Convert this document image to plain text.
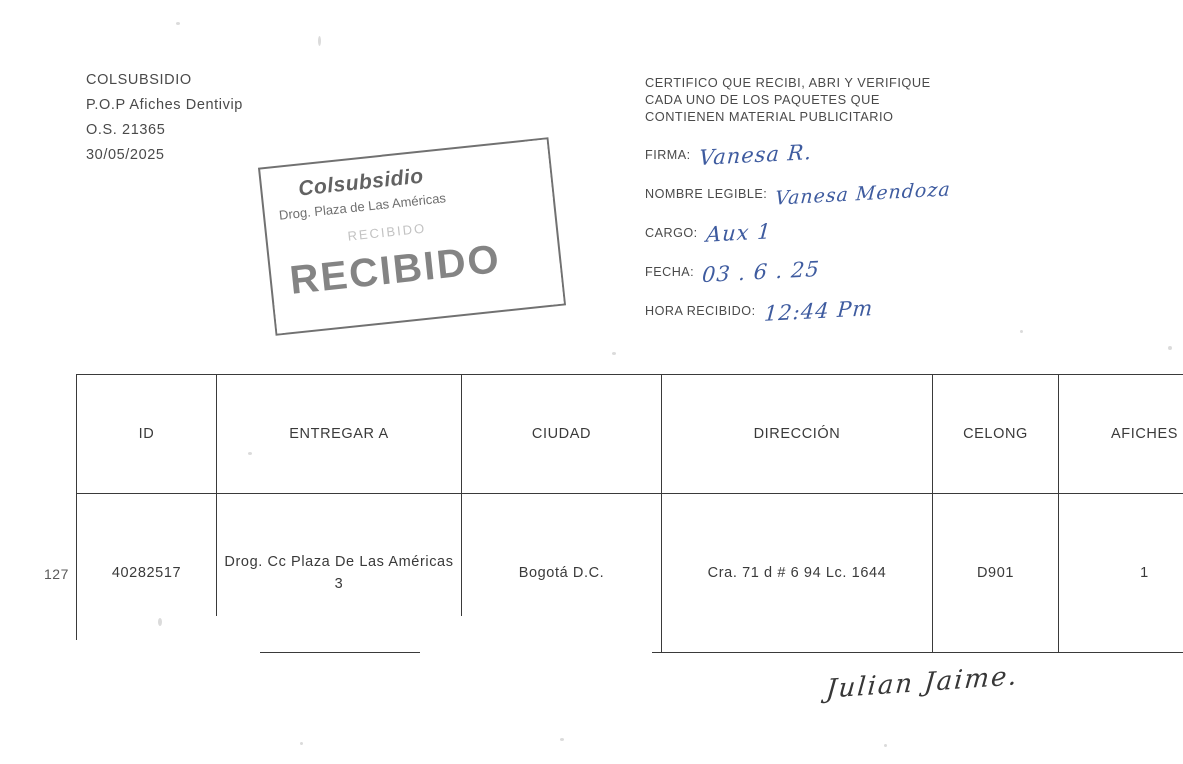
COLSUBSIDIO
P.O.P Afiches Dentivip
O.S. 21365
30/05/2025
CERTIFICO QUE RECIBI, ABRI Y VERIFIQUE
CADA UNO DE LOS PAQUETES QUE
CONTIENEN MATERIAL PUBLICITARIO
FIRMA: Vanesa R.
NOMBRE LEGIBLE: Vanesa Mendoza
CARGO: Aux 1
FECHA: 03 . 6 . 25
HORA RECIBIDO: 12:44 Pm
Colsubsidio
Drog. Plaza de Las Américas
RECIBIDO
RECIBIDO
127
ID	ENTREGAR A	CIUDAD	DIRECCIÓN	CELONG	AFICHES
40282517	Drog. Cc Plaza De Las Américas 3	Bogotá D.C.	Cra. 71 d # 6 94 Lc. 1644	D901	1
Julian Jaime.
